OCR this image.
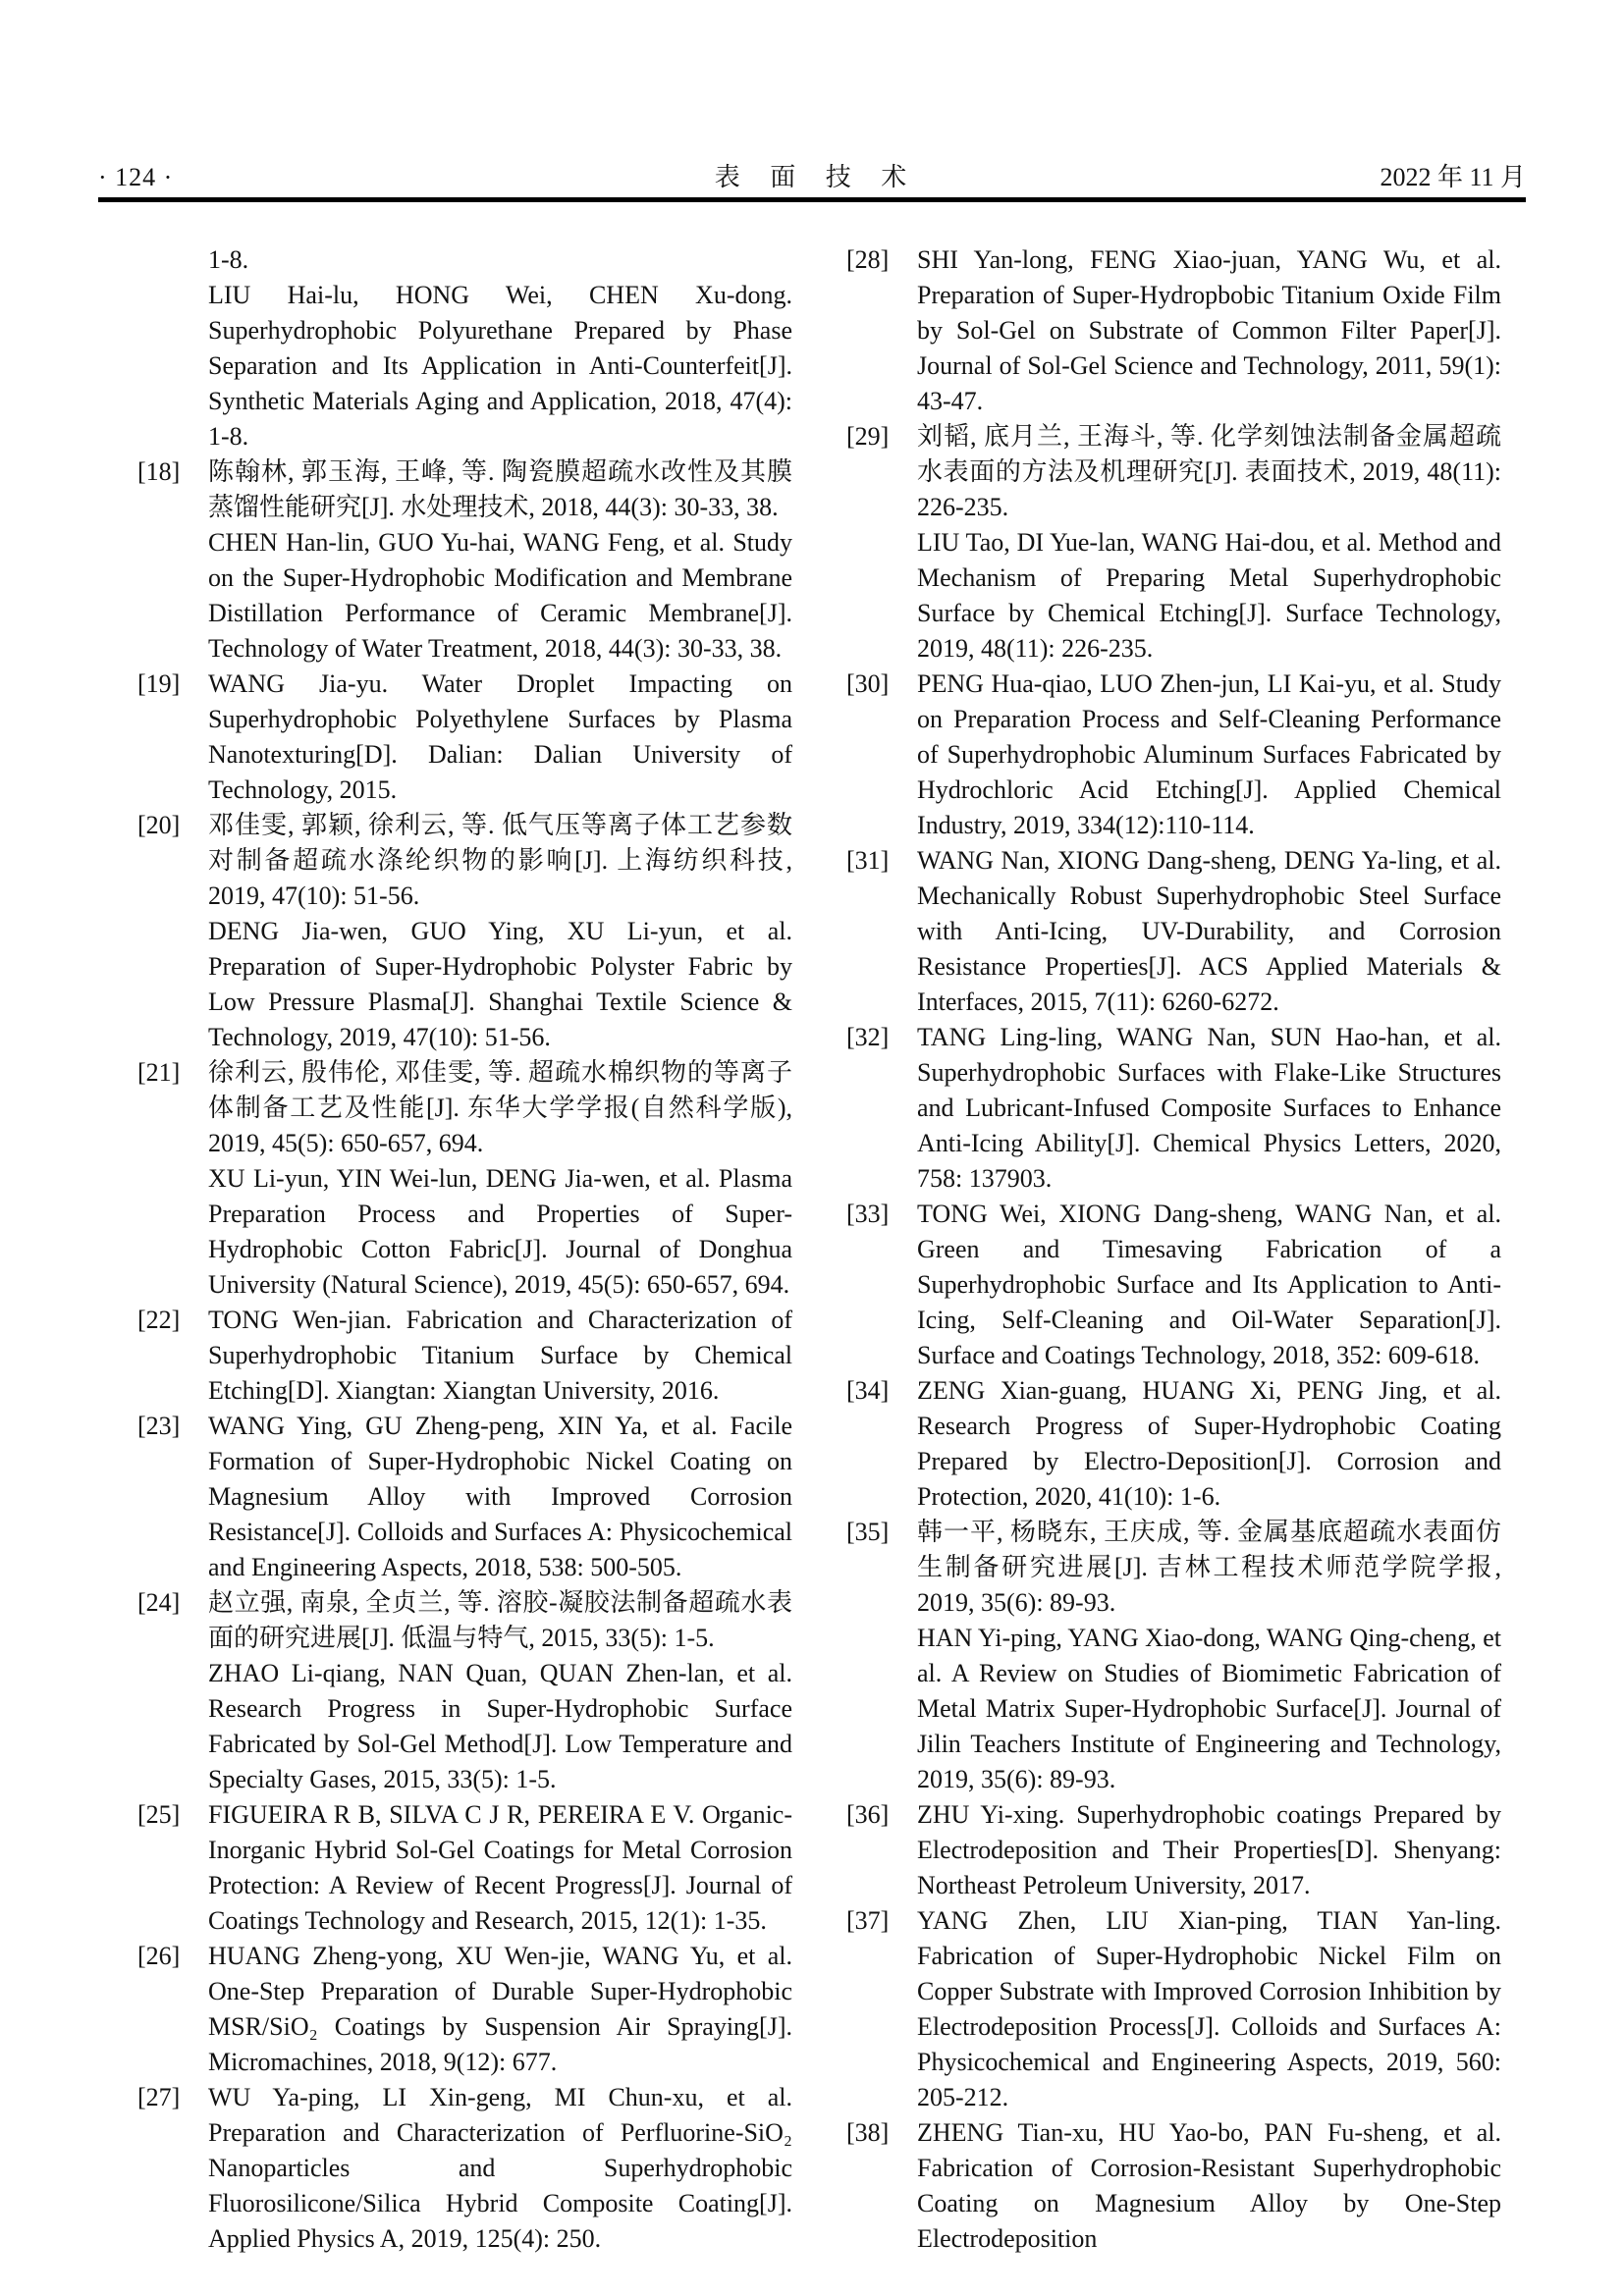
· 124 ·	表 面 技 术	2022 年 11 月
1-8.
LIU Hai-lu, HONG Wei, CHEN Xu-dong. Superhydrophobic Polyurethane Prepared by Phase Separation and Its Application in Anti-Counterfeit[J]. Synthetic Materials Aging and Application, 2018, 47(4): 1-8.
[18]	陈翰林, 郭玉海, 王峰, 等. 陶瓷膜超疏水改性及其膜蒸馏性能研究[J]. 水处理技术, 2018, 44(3): 30-33, 38.
CHEN Han-lin, GUO Yu-hai, WANG Feng, et al. Study on the Super-Hydrophobic Modification and Membrane Distillation Performance of Ceramic Membrane[J]. Technology of Water Treatment, 2018, 44(3): 30-33, 38.
[19]	WANG Jia-yu. Water Droplet Impacting on Superhydrophobic Polyethylene Surfaces by Plasma Nanotexturing[D]. Dalian: Dalian University of Technology, 2015.
[20]	邓佳雯, 郭颖, 徐利云, 等. 低气压等离子体工艺参数对制备超疏水涤纶织物的影响[J]. 上海纺织科技, 2019, 47(10): 51-56.
DENG Jia-wen, GUO Ying, XU Li-yun, et al. Preparation of Super-Hydrophobic Polyster Fabric by Low Pressure Plasma[J]. Shanghai Textile Science & Technology, 2019, 47(10): 51-56.
[21]	徐利云, 殷伟伦, 邓佳雯, 等. 超疏水棉织物的等离子体制备工艺及性能[J]. 东华大学学报(自然科学版), 2019, 45(5): 650-657, 694.
XU Li-yun, YIN Wei-lun, DENG Jia-wen, et al. Plasma Preparation Process and Properties of Super-Hydrophobic Cotton Fabric[J]. Journal of Donghua University (Natural Science), 2019, 45(5): 650-657, 694.
[22]	TONG Wen-jian. Fabrication and Characterization of Superhydrophobic Titanium Surface by Chemical Etching[D]. Xiangtan: Xiangtan University, 2016.
[23]	WANG Ying, GU Zheng-peng, XIN Ya, et al. Facile Formation of Super-Hydrophobic Nickel Coating on Magnesium Alloy with Improved Corrosion Resistance[J]. Colloids and Surfaces A: Physicochemical and Engineering Aspects, 2018, 538: 500-505.
[24]	赵立强, 南泉, 全贞兰, 等. 溶胶-凝胶法制备超疏水表面的研究进展[J]. 低温与特气, 2015, 33(5): 1-5.
ZHAO Li-qiang, NAN Quan, QUAN Zhen-lan, et al. Research Progress in Super-Hydrophobic Surface Fabricated by Sol-Gel Method[J]. Low Temperature and Specialty Gases, 2015, 33(5): 1-5.
[25]	FIGUEIRA R B, SILVA C J R, PEREIRA E V. Organic-Inorganic Hybrid Sol-Gel Coatings for Metal Corrosion Protection: A Review of Recent Progress[J]. Journal of Coatings Technology and Research, 2015, 12(1): 1-35.
[26]	HUANG Zheng-yong, XU Wen-jie, WANG Yu, et al. One-Step Preparation of Durable Super-Hydrophobic MSR/SiO₂ Coatings by Suspension Air Spraying[J]. Micromachines, 2018, 9(12): 677.
[27]	WU Ya-ping, LI Xin-geng, MI Chun-xu, et al. Preparation and Characterization of Perfluorine-SiO₂ Nanoparticles and Superhydrophobic Fluorosilicone/Silica Hybrid Composite Coating[J]. Applied Physics A, 2019, 125(4): 250.
[28]	SHI Yan-long, FENG Xiao-juan, YANG Wu, et al. Preparation of Super-Hydropbobic Titanium Oxide Film by Sol-Gel on Substrate of Common Filter Paper[J]. Journal of Sol-Gel Science and Technology, 2011, 59(1): 43-47.
[29]	刘韬, 底月兰, 王海斗, 等. 化学刻蚀法制备金属超疏水表面的方法及机理研究[J]. 表面技术, 2019, 48(11): 226-235.
LIU Tao, DI Yue-lan, WANG Hai-dou, et al. Method and Mechanism of Preparing Metal Superhydrophobic Surface by Chemical Etching[J]. Surface Technology, 2019, 48(11): 226-235.
[30]	PENG Hua-qiao, LUO Zhen-jun, LI Kai-yu, et al. Study on Preparation Process and Self-Cleaning Performance of Superhydrophobic Aluminum Surfaces Fabricated by Hydrochloric Acid Etching[J]. Applied Chemical Industry, 2019, 334(12):110-114.
[31]	WANG Nan, XIONG Dang-sheng, DENG Ya-ling, et al. Mechanically Robust Superhydrophobic Steel Surface with Anti-Icing, UV-Durability, and Corrosion Resistance Properties[J]. ACS Applied Materials & Interfaces, 2015, 7(11): 6260-6272.
[32]	TANG Ling-ling, WANG Nan, SUN Hao-han, et al. Superhydrophobic Surfaces with Flake-Like Structures and Lubricant-Infused Composite Surfaces to Enhance Anti-Icing Ability[J]. Chemical Physics Letters, 2020, 758: 137903.
[33]	TONG Wei, XIONG Dang-sheng, WANG Nan, et al. Green and Timesaving Fabrication of a Superhydrophobic Surface and Its Application to Anti-Icing, Self-Cleaning and Oil-Water Separation[J]. Surface and Coatings Technology, 2018, 352: 609-618.
[34]	ZENG Xian-guang, HUANG Xi, PENG Jing, et al. Research Progress of Super-Hydrophobic Coating Prepared by Electro-Deposition[J]. Corrosion and Protection, 2020, 41(10): 1-6.
[35]	韩一平, 杨晓东, 王庆成, 等. 金属基底超疏水表面仿生制备研究进展[J]. 吉林工程技术师范学院学报, 2019, 35(6): 89-93.
HAN Yi-ping, YANG Xiao-dong, WANG Qing-cheng, et al. A Review on Studies of Biomimetic Fabrication of Metal Matrix Super-Hydrophobic Surface[J]. Journal of Jilin Teachers Institute of Engineering and Technology, 2019, 35(6): 89-93.
[36]	ZHU Yi-xing. Superhydrophobic coatings Prepared by Electrodeposition and Their Properties[D]. Shenyang: Northeast Petroleum University, 2017.
[37]	YANG Zhen, LIU Xian-ping, TIAN Yan-ling. Fabrication of Super-Hydrophobic Nickel Film on Copper Substrate with Improved Corrosion Inhibition by Electrodeposition Process[J]. Colloids and Surfaces A: Physicochemical and Engineering Aspects, 2019, 560: 205-212.
[38]	ZHENG Tian-xu, HU Yao-bo, PAN Fu-sheng, et al. Fabrication of Corrosion-Resistant Superhydrophobic Coating on Magnesium Alloy by One-Step Electrodeposition
